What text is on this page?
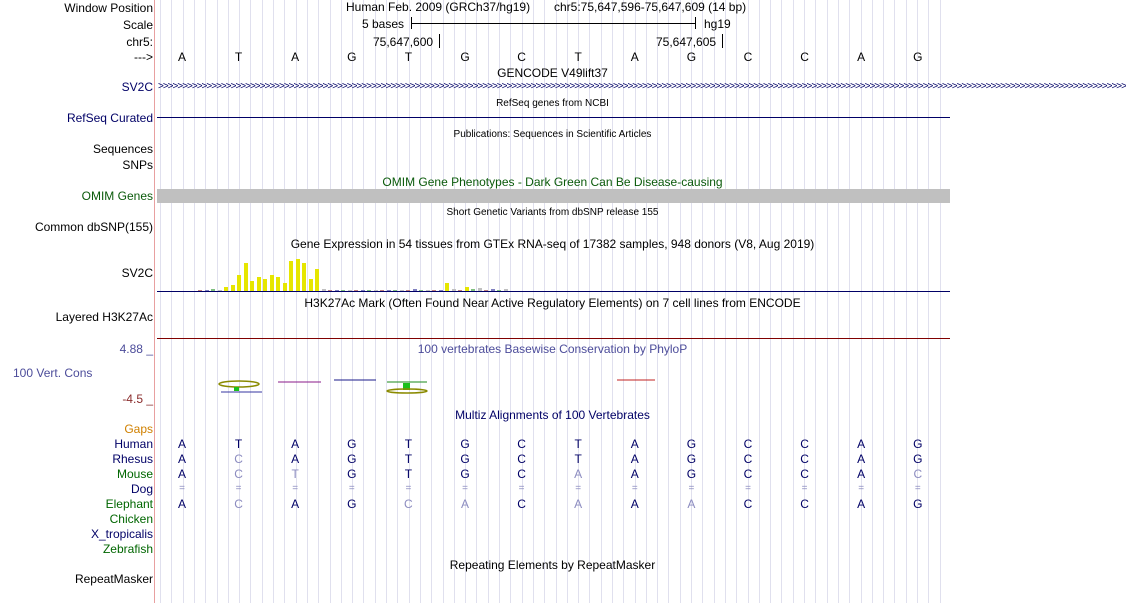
Window Position
Scale
chr5:
--->
Human Feb. 2009 (GRCh37/hg19) chr5:75,647,596-75,647,609 (14 bp)
5 bases	hg19
75,647,600	75,647,605
A	T	A	G	T	G	C	T	A	G	C	C	A	G
GENCODE V49lift37
SV2C >>>>>>>>>>>>>>>>>>>>>>>>>>>>>>>>>>>>>>>>>>>>>>>>>>>>>>>>>>>>>>>>>>>>>>>>>>>>>>>>>>>>>>>>>>>>>>>>>>>>>>>>>>>>>>>>>>>>>>>>>>>>>>>>>>>>>>>>>>>>>>>>>>>>>>>>>>>>>>>>>>>>>>>>>>>>>>>>>>>>>>>>>>>>>>>>>>>>>>>>
RefSeq genes from NCBI
RefSeq Curated
Publications: Sequences in Scientific Articles
Sequences
SNPs
OMIM Gene Phenotypes - Dark Green Can Be Disease-causing
OMIM Genes
Short Genetic Variants from dbSNP release 155
Common dbSNP(155)
Gene Expression in 54 tissues from GTEx RNA-seq of 17382 samples, 948 donors (V8, Aug 2019)
SV2C
H3K27Ac Mark (Often Found Near Active Regulatory Elements) on 7 cell lines from ENCODE
Layered H3K27Ac
100 vertebrates Basewise Conservation by PhyloP
4.88 _
100 Vert. Cons
-4.5 _
Multiz Alignments of 100 Vertebrates
Gaps
Human	A	T	A	G	T	G	C	T	A	G	C	C	A	G
Rhesus	A	C	A	G	T	G	C	T	A	G	C	C	A	G
Mouse	A	C	T	G	T	G	C	A	A	G	C	C	A	C
Dog	=	=	=	=	=	=	=	=	=	=	=	=	=	=
Elephant	A	C	A	G	C	A	C	A	A	A	C	C	A	G
Chicken
X_tropicalis
Zebrafish
Repeating Elements by RepeatMasker
RepeatMasker
